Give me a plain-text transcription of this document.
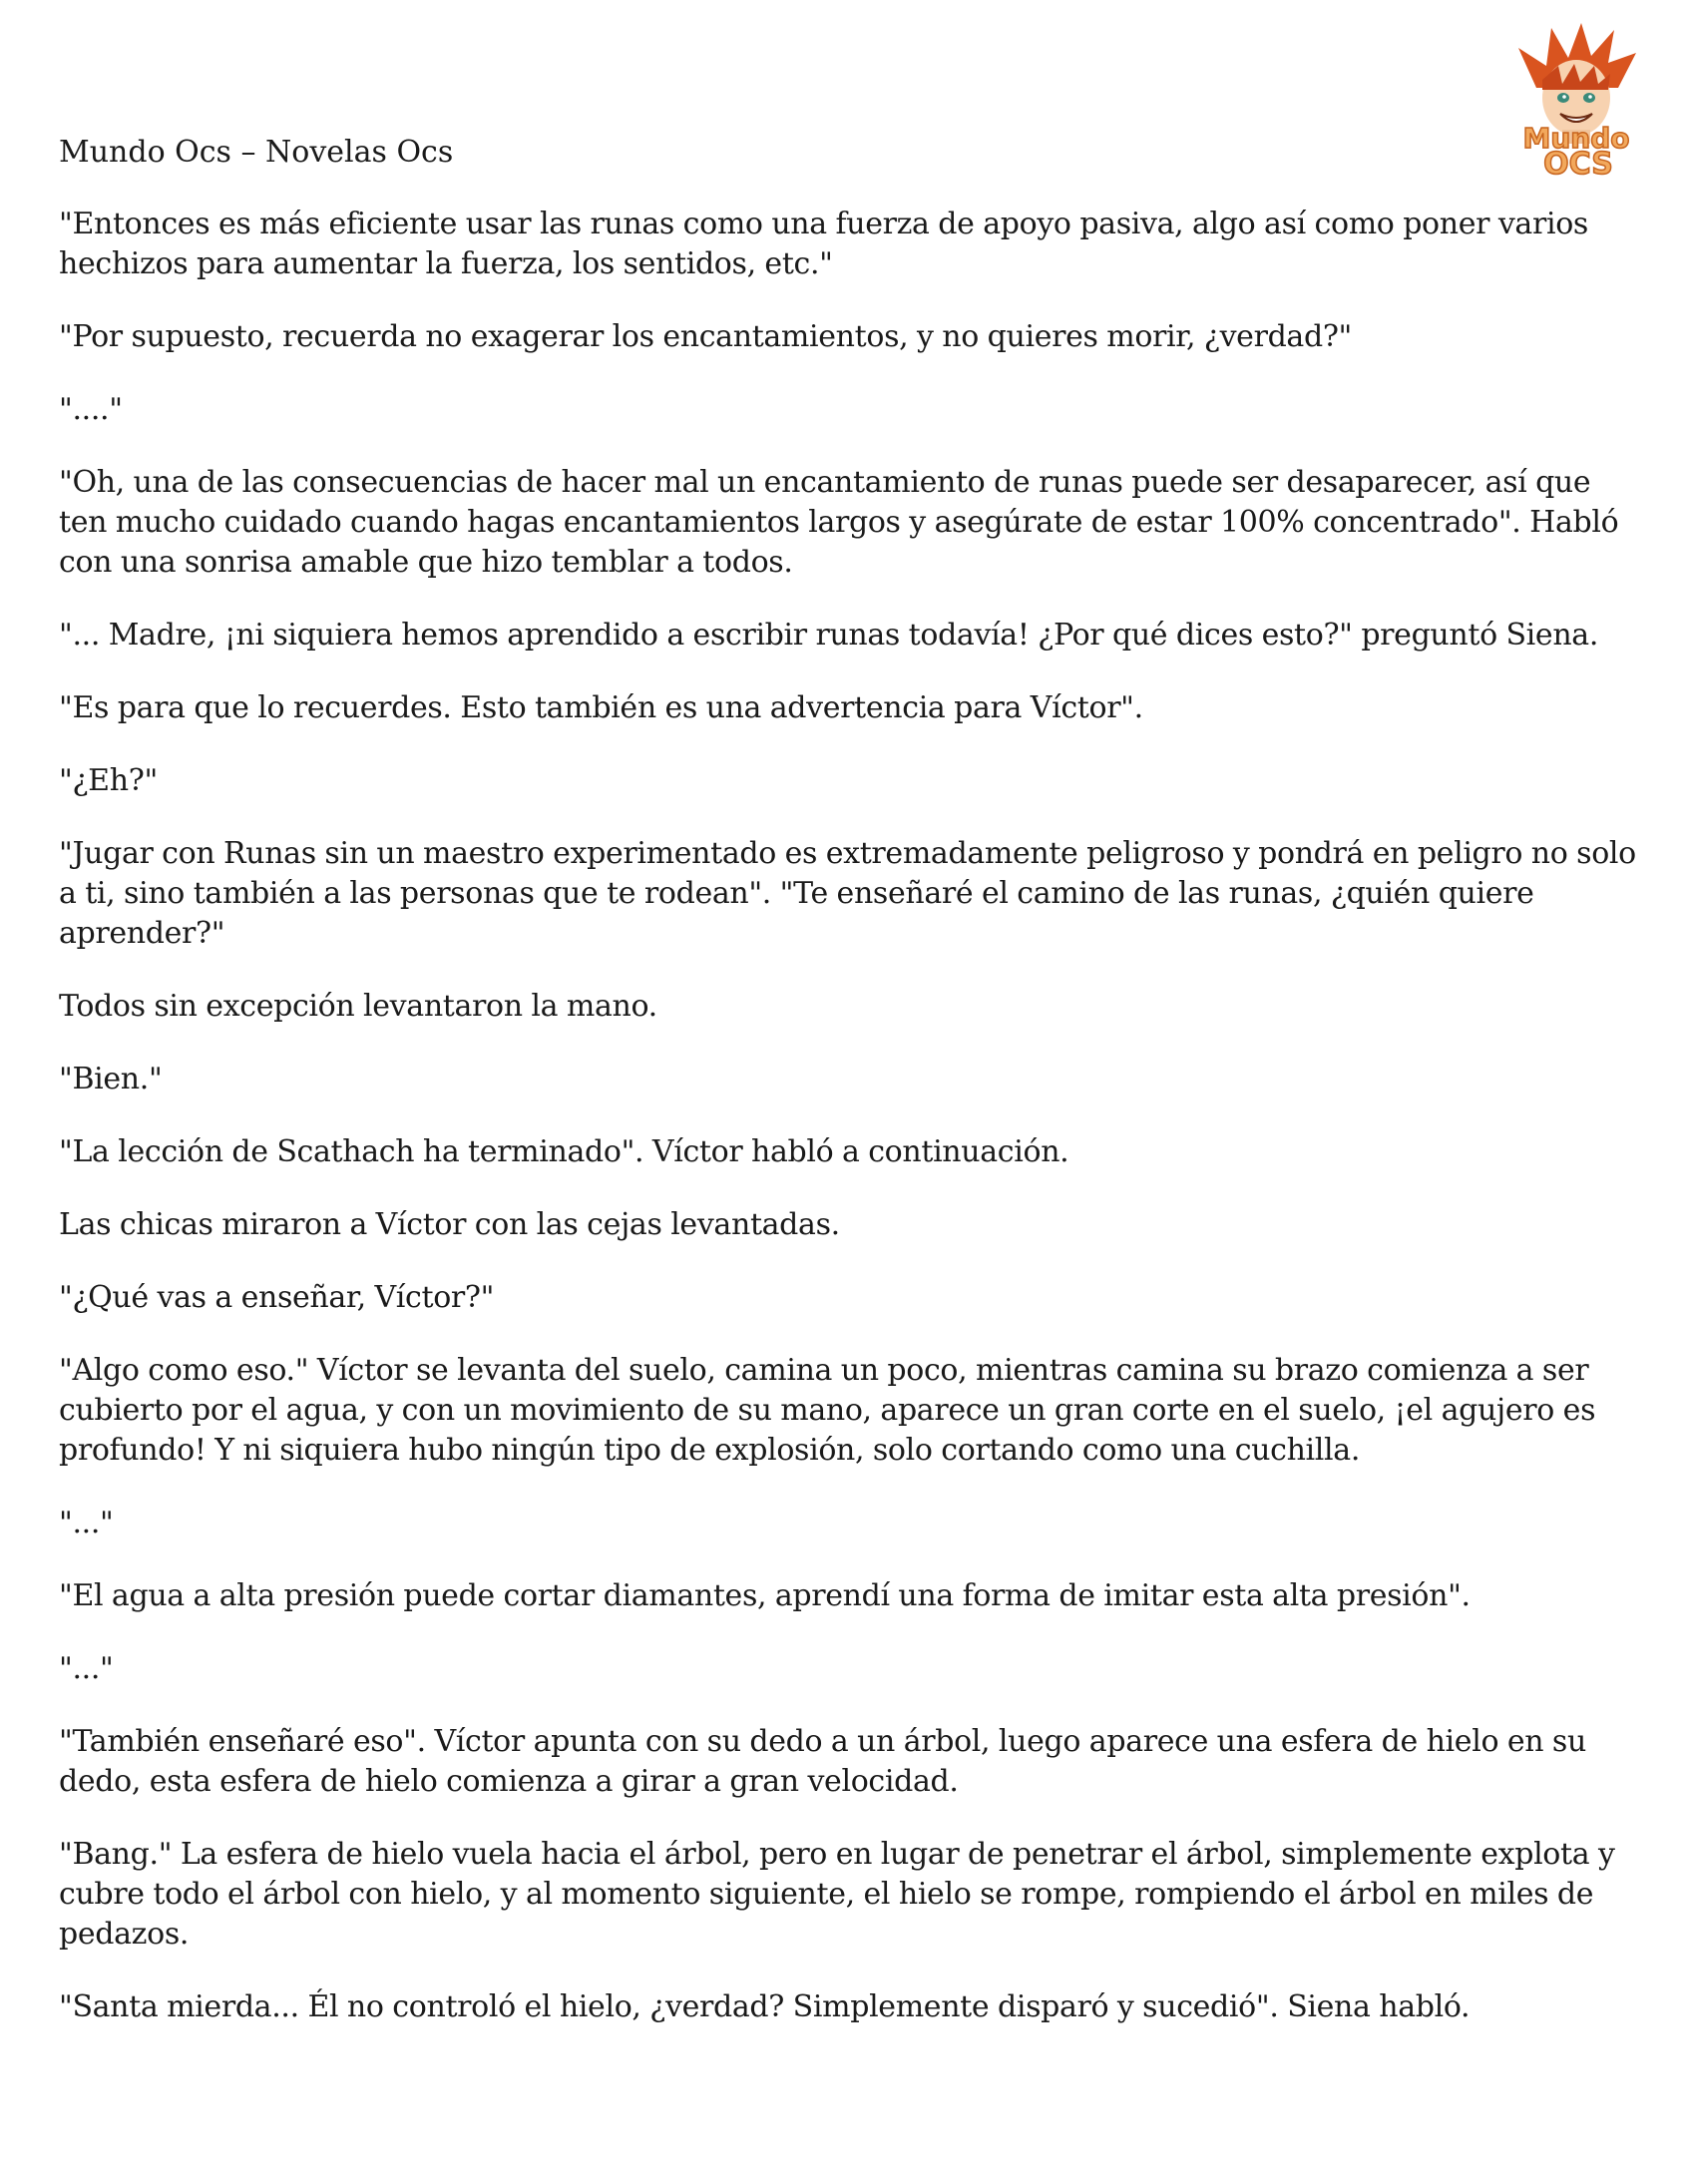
Mundo Ocs – Novelas Ocs	Mundo
OCS

"Entonces es más eficiente usar las runas como una fuerza de apoyo pasiva, algo así como poner varios hechizos para aumentar la fuerza, los sentidos, etc."

"Por supuesto, recuerda no exagerar los encantamientos, y no quieres morir, ¿verdad?"

"...."

"Oh, una de las consecuencias de hacer mal un encantamiento de runas puede ser desaparecer, así que ten mucho cuidado cuando hagas encantamientos largos y asegúrate de estar 100% concentrado". Habló con una sonrisa amable que hizo temblar a todos.

"... Madre, ¡ni siquiera hemos aprendido a escribir runas todavía! ¿Por qué dices esto?" preguntó Siena.

"Es para que lo recuerdes. Esto también es una advertencia para Víctor".

"¿Eh?"

"Jugar con Runas sin un maestro experimentado es extremadamente peligroso y pondrá en peligro no solo a ti, sino también a las personas que te rodean". "Te enseñaré el camino de las runas, ¿quién quiere aprender?"

Todos sin excepción levantaron la mano.

"Bien."

"La lección de Scathach ha terminado". Víctor habló a continuación.

Las chicas miraron a Víctor con las cejas levantadas.

"¿Qué vas a enseñar, Víctor?"

"Algo como eso." Víctor se levanta del suelo, camina un poco, mientras camina su brazo comienza a ser cubierto por el agua, y con un movimiento de su mano, aparece un gran corte en el suelo, ¡el agujero es profundo! Y ni siquiera hubo ningún tipo de explosión, solo cortando como una cuchilla.

"..."

"El agua a alta presión puede cortar diamantes, aprendí una forma de imitar esta alta presión".

"..."

"También enseñaré eso". Víctor apunta con su dedo a un árbol, luego aparece una esfera de hielo en su dedo, esta esfera de hielo comienza a girar a gran velocidad.

"Bang." La esfera de hielo vuela hacia el árbol, pero en lugar de penetrar el árbol, simplemente explota y cubre todo el árbol con hielo, y al momento siguiente, el hielo se rompe, rompiendo el árbol en miles de pedazos.

"Santa mierda... Él no controló el hielo, ¿verdad? Simplemente disparó y sucedió". Siena habló.
